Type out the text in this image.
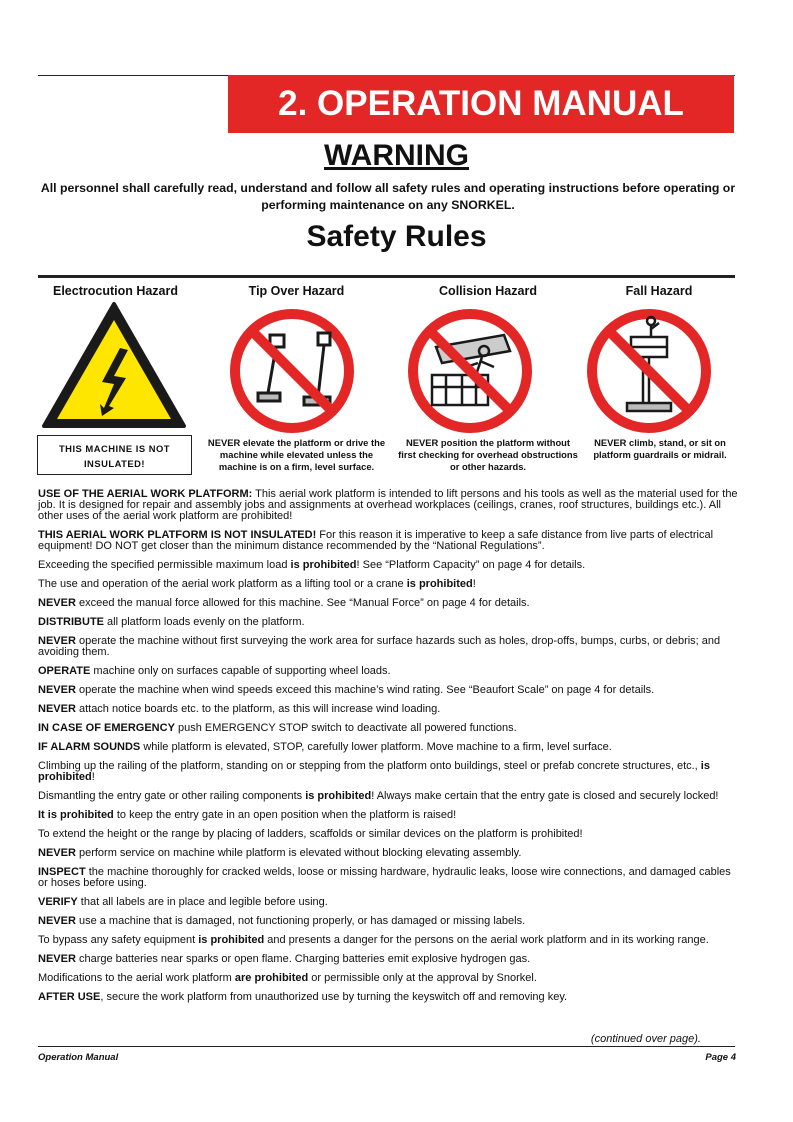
2. OPERATION MANUAL
WARNING
All personnel shall carefully read, understand and follow all safety rules and operating instructions before operating or performing maintenance on any SNORKEL.
Safety Rules
Electrocution Hazard	Tip Over Hazard	Collision Hazard	Fall Hazard
THIS MACHINE IS NOT INSULATED!
NEVER elevate the platform or drive the machine while elevated unless the machine is on a firm, level surface.
NEVER position the platform without first checking for overhead obstructions or other hazards.
NEVER climb, stand, or sit on platform guardrails or midrail.

USE OF THE AERIAL WORK PLATFORM: This aerial work platform is intended to lift persons and his tools as well as the material used for the job. It is designed for repair and assembly jobs and assignments at overhead workplaces (ceilings, cranes, roof structures, buildings etc.). All other uses of the aerial work platform are prohibited!

THIS AERIAL WORK PLATFORM IS NOT INSULATED! For this reason it is imperative to keep a safe distance from live parts of electrical equipment! DO NOT get closer than the minimum distance recommended by the “National Regulations”.

Exceeding the specified permissible maximum load is prohibited! See “Platform Capacity” on page 4 for details.

The use and operation of the aerial work platform as a lifting tool or a crane is prohibited!

NEVER exceed the manual force allowed for this machine. See “Manual Force” on page 4 for details.

DISTRIBUTE all platform loads evenly on the platform.

NEVER operate the machine without first surveying the work area for surface hazards such as holes, drop-offs, bumps, curbs, or debris; and avoiding them.

OPERATE machine only on surfaces capable of supporting wheel loads.

NEVER operate the machine when wind speeds exceed this machine’s wind rating. See “Beaufort Scale” on page 4 for details.

NEVER attach notice boards etc. to the platform, as this will increase wind loading.

IN CASE OF EMERGENCY push EMERGENCY STOP switch to deactivate all powered functions.

IF ALARM SOUNDS while platform is elevated, STOP, carefully lower platform. Move machine to a firm, level surface.

Climbing up the railing of the platform, standing on or stepping from the platform onto buildings, steel or prefab concrete structures, etc., is prohibited!

Dismantling the entry gate or other railing components is prohibited! Always make certain that the entry gate is closed and securely locked!

It is prohibited to keep the entry gate in an open position when the platform is raised!

To extend the height or the range by placing of ladders, scaffolds or similar devices on the platform is prohibited!

NEVER perform service on machine while platform is elevated without blocking elevating assembly.

INSPECT the machine thoroughly for cracked welds, loose or missing hardware, hydraulic leaks, loose wire connections, and damaged cables or hoses before using.

VERIFY that all labels are in place and legible before using.

NEVER use a machine that is damaged, not functioning properly, or has damaged or missing labels.

To bypass any safety equipment is prohibited and presents a danger for the persons on the aerial work platform and in its working range.

NEVER charge batteries near sparks or open flame. Charging batteries emit explosive hydrogen gas.

Modifications to the aerial work platform are prohibited or permissible only at the approval by Snorkel.

AFTER USE, secure the work platform from unauthorized use by turning the keyswitch off and removing key.

(continued over page).
Operation Manual	Page 4
